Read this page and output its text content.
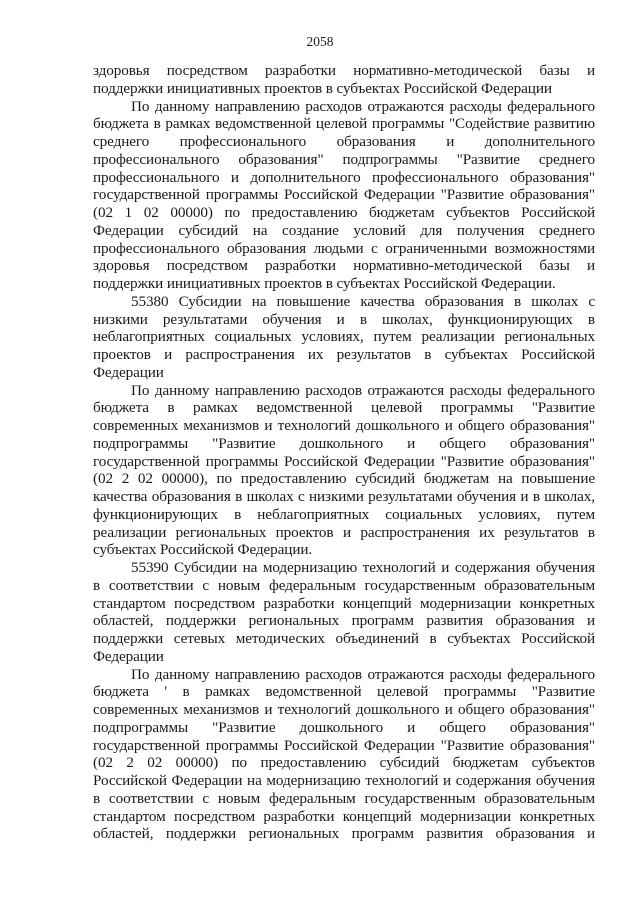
2058
здоровья посредством разработки нормативно-методической базы и
поддержки инициативных проектов в субъектах Российской Федерации
По данному направлению расходов отражаются расходы федерального
бюджета в рамках ведомственной целевой программы "Содействие развитию
среднего профессионального образования и дополнительного
профессионального образования" подпрограммы "Развитие среднего
профессионального и дополнительного профессионального образования"
государственной программы Российской Федерации "Развитие образования"
(02 1 02 00000) по предоставлению бюджетам субъектов Российской
Федерации субсидий на создание условий для получения среднего
профессионального образования людьми с ограниченными возможностями
здоровья посредством разработки нормативно-методической базы и
поддержки инициативных проектов в субъектах Российской Федерации.
55380 Субсидии на повышение качества образования в школах с
низкими результатами обучения и в школах, функционирующих в
неблагоприятных социальных условиях, путем реализации региональных
проектов и распространения их результатов в субъектах Российской
Федерации
По данному направлению расходов отражаются расходы федерального
бюджета в рамках ведомственной целевой программы "Развитие
современных механизмов и технологий дошкольного и общего образования"
подпрограммы "Развитие дошкольного и общего образования"
государственной программы Российской Федерации "Развитие образования"
(02 2 02 00000), по предоставлению субсидий бюджетам на повышение
качества образования в школах с низкими результатами обучения и в школах,
функционирующих в неблагоприятных социальных условиях, путем
реализации региональных проектов и распространения их результатов в
субъектах Российской Федерации.
55390 Субсидии на модернизацию технологий и содержания обучения
в соответствии с новым федеральным государственным образовательным
стандартом посредством разработки концепций модернизации конкретных
областей, поддержки региональных программ развития образования и
поддержки сетевых методических объединений в субъектах Российской
Федерации
По данному направлению расходов отражаются расходы федерального
бюджета ' в рамках ведомственной целевой программы "Развитие
современных механизмов и технологий дошкольного и общего образования"
подпрограммы "Развитие дошкольного и общего образования"
государственной программы Российской Федерации "Развитие образования"
(02 2 02 00000) по предоставлению субсидий бюджетам субъектов
Российской Федерации на модернизацию технологий и содержания обучения
в соответствии с новым федеральным государственным образовательным
стандартом посредством разработки концепций модернизации конкретных
областей, поддержки региональных программ развития образования и
